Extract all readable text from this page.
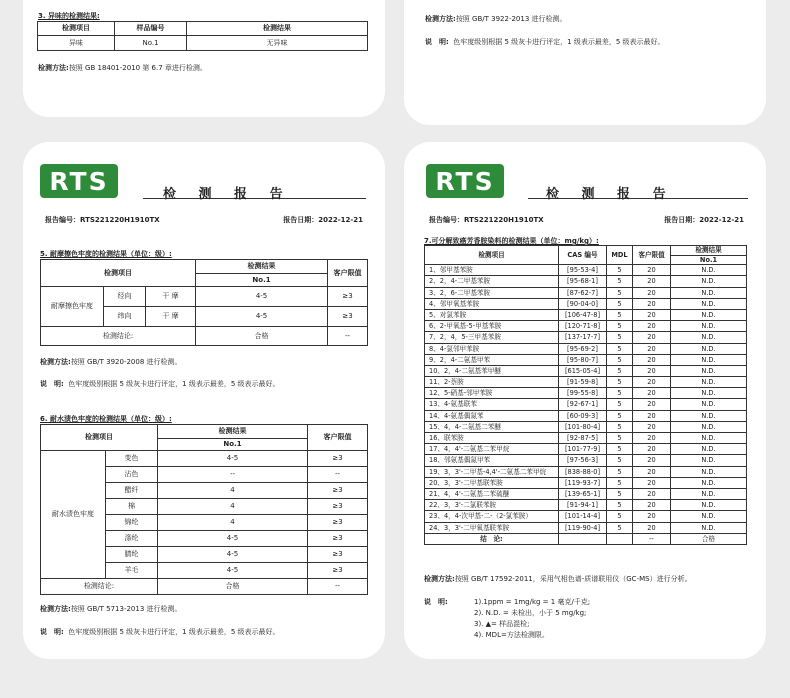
3. 异味的检测结果:
检测项目	样品编号	检测结果
异味	No.1	无异味
检测方法:按照 GB 18401-2010 第 6.7 章进行检测。
检测方法:按照 GB/T 3922-2013 进行检测。
说　明: 色牢度级别根据 5 级灰卡进行评定，1 级表示最差，5 级表示最好。
RTS	检 测 报 告
报告编号：RTS221220H1910TX	报告日期：2022-12-21
5. 耐摩擦色牢度的检测结果（单位：级）:
检测项目			检测结果	客户限值
			No.1	
耐摩擦色牢度	经向	干 摩	4-5	≥3
	纬向	干 摩	4-5	≥3
检测结论:			合格	--
检测方法:按照 GB/T 3920-2008 进行检测。
说　明: 色牢度级别根据 5 级灰卡进行评定，1 级表示最差，5 级表示最好。
6. 耐水渍色牢度的检测结果（单位：级）:
检测项目		检测结果	客户限值
		No.1	
耐水渍色牢度	变色	4-5	≥3
	沾色	--	--
	醋纤	4	≥3
	棉	4	≥3
	锦纶	4	≥3
	涤纶	4-5	≥3
	腈纶	4-5	≥3
	羊毛	4-5	≥3
检测结论:		合格	--
检测方法:按照 GB/T 5713-2013 进行检测。
说　明: 色牢度级别根据 5 级灰卡进行评定，1 级表示最差，5 级表示最好。
RTS	检 测 报 告
报告编号：RTS221220H1910TX	报告日期：2022-12-21
7.可分解致癌芳香胺染料的检测结果（单位：mg/kg）:
检测项目	CAS 编号	MDL	客户限值	检测结果
				No.1
1、邻甲基苯胺	[95-53-4]	5	20	N.D.
2、2，4-二甲基苯胺	[95-68-1]	5	20	N.D.
3、2，6-二甲基苯胺	[87-62-7]	5	20	N.D.
4、邻甲氧基苯胺	[90-04-0]	5	20	N.D.
5、对氯苯胺	[106-47-8]	5	20	N.D.
6、2-甲氧基-5-甲基苯胺	[120-71-8]	5	20	N.D.
7、2，4，5-三甲基苯胺	[137-17-7]	5	20	N.D.
8、4-氯邻甲苯胺	[95-69-2]	5	20	N.D.
9、2，4-二氨基甲苯	[95-80-7]	5	20	N.D.
10、2，4-二氨基苯甲醚	[615-05-4]	5	20	N.D.
11、2-萘胺	[91-59-8]	5	20	N.D.
12、5-硝基-邻甲苯胺	[99-55-8]	5	20	N.D.
13、4-氨基联苯	[92-67-1]	5	20	N.D.
14、4-氨基偶氮苯	[60-09-3]	5	20	N.D.
15、4，4-二氨基二苯醚	[101-80-4]	5	20	N.D.
16、联苯胺	[92-87-5]	5	20	N.D.
17、4，4'-二氨基二苯甲烷	[101-77-9]	5	20	N.D.
18、邻氨基偶氮甲苯	[97-56-3]	5	20	N.D.
19、3，3'-二甲基-4,4'-二氨基二苯甲烷	[838-88-0]	5	20	N.D.
20、3，3'-二甲基联苯胺	[119-93-7]	5	20	N.D.
21、4，4'-二氨基二苯硫醚	[139-65-1]	5	20	N.D.
22、3，3'-二氯联苯胺	[91-94-1]	5	20	N.D.
23、4，4-次甲基-二-（2-氯苯胺）	[101-14-4]	5	20	N.D.
24、3，3'-二甲氧基联苯胺	[119-90-4]	5	20	N.D.
结　论:			--	合格
检测方法:按照 GB/T 17592-2011，采用气相色谱-质谱联用仪（GC-MS）进行分析。
说　明:	1).1ppm = 1mg/kg = 1 毫克/千克;
2). N.D. = 未检出，小于 5 mg/kg;
3). ▲= 样品混检;
4). MDL=方法检测限。
